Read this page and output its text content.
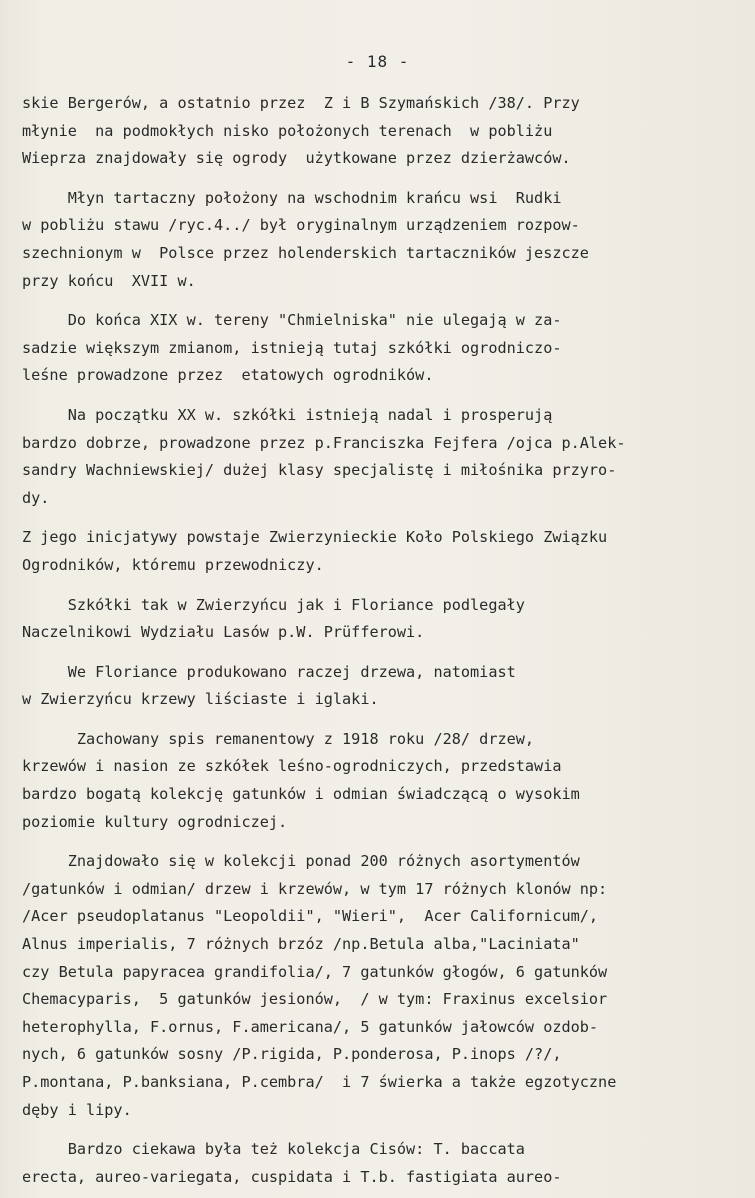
- 18 -
skie Bergerów, a ostatnio przez  Z i B Szymańskich /38/. Przy
młynie  na podmokłych nisko położonych terenach  w pobliżu
Wieprza znajdowały się ogrody  użytkowane przez dzierżawców.
Młyn tartaczny położony na wschodnim krańcu wsi  Rudki
w pobliżu stawu /ryc.4../ był oryginalnym urządzeniem rozpow-
szechnionym w  Polsce przez holenderskich tartaczników jeszcze
przy końcu  XVII w.
Do końca XIX w. tereny "Chmielniska" nie ulegają w za-
sadzie większym zmianom, istnieją tutaj szkółki ogrodniczo-
leśne prowadzone przez  etatowych ogrodników.
Na początku XX w. szkółki istnieją nadal i prosperują
bardzo dobrze, prowadzone przez p.Franciszka Fejfera /ojca p.Alek-
sandry Wachniewskiej/ dużej klasy specjalistę i miłośnika przyro-
dy.
Z jego inicjatywy powstaje Zwierzynieckie Koło Polskiego Związku
Ogrodników, któremu przewodniczy.
Szkółki tak w Zwierzyńcu jak i Floriance podlegały
Naczelnikowi Wydziału Lasów p.W. Prüfferowi.
We Floriance produkowano raczej drzewa, natomiast
w Zwierzyńcu krzewy liściaste i iglaki.
Zachowany spis remanentowy z 1918 roku /28/ drzew,
krzewów i nasion ze szkółek leśno-ogrodniczych, przedstawia
bardzo bogatą kolekcję gatunków i odmian świadczącą o wysokim
poziomie kultury ogrodniczej.
Znajdowało się w kolekcji ponad 200 różnych asortymentów
/gatunków i odmian/ drzew i krzewów, w tym 17 różnych klonów np:
/Acer pseudoplatanus "Leopoldii", "Wieri",  Acer Californicum/,
Alnus imperialis, 7 różnych brzóz /np.Betula alba,"Laciniata"
czy Betula papyracea grandifolia/, 7 gatunków głogów, 6 gatunków
Chemacyparis,  5 gatunków jesionów,  / w tym: Fraxinus excelsior
heterophylla, F.ornus, F.americana/, 5 gatunków jałowców ozdob-
nych, 6 gatunków sosny /P.rigida, P.ponderosa, P.inops /?/,
P.montana, P.banksiana, P.cembra/  i 7 świerka a także egzotyczne
dęby i lipy.
Bardzo ciekawa była też kolekcja Cisów: T. baccata
erecta, aureo-variegata, cuspidata i T.b. fastigiata aureo-
